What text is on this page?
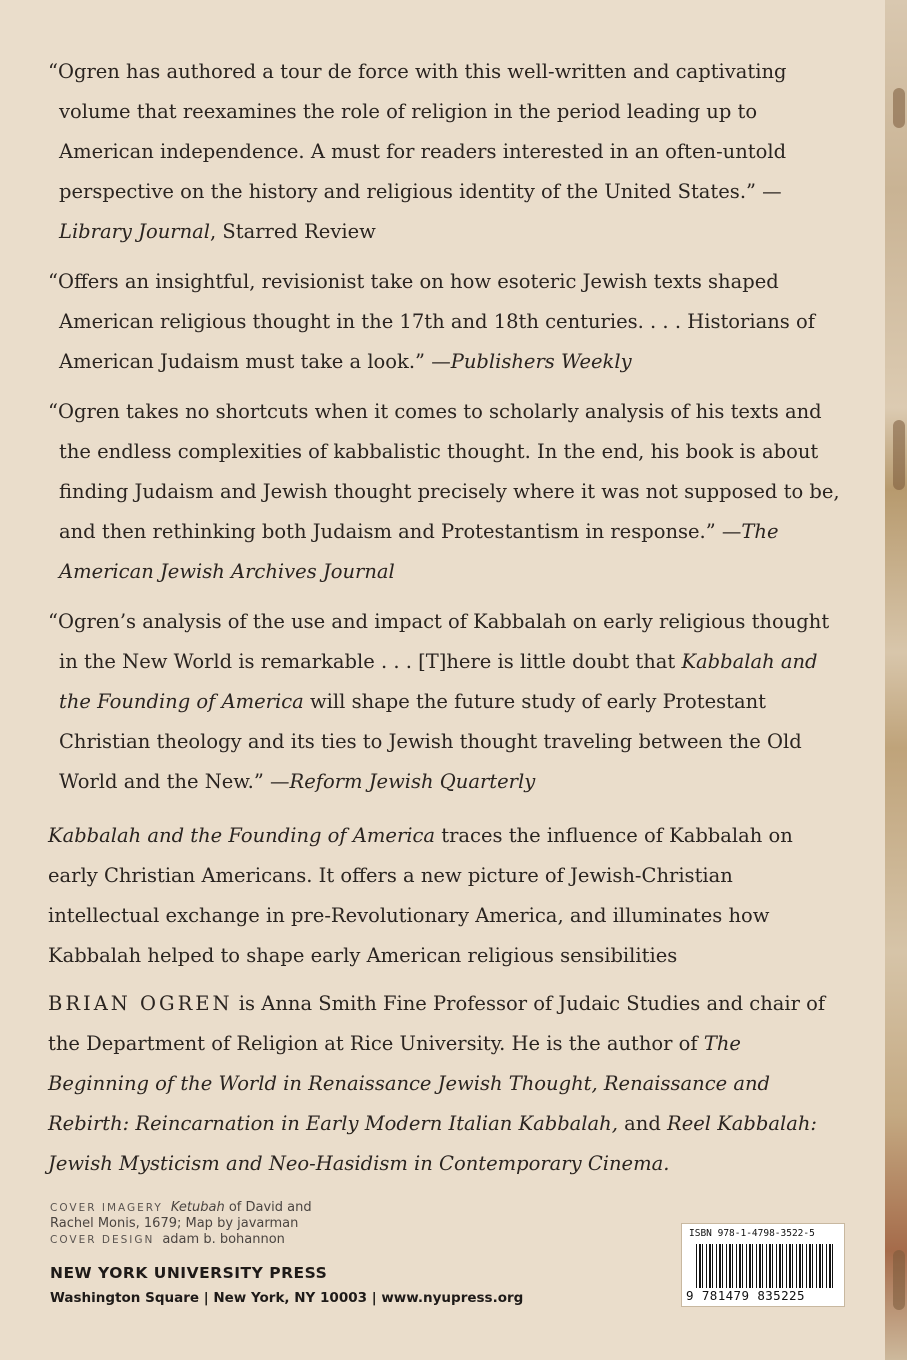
“Ogren has authored a tour de force with this well-written and captivating volume that reexamines the role of religion in the period leading up to American independence. A must for readers interested in an often-untold perspective on the history and religious identity of the United States.” —Library Journal, Starred Review

“Offers an insightful, revisionist take on how esoteric Jewish texts shaped American religious thought in the 17th and 18th centuries. . . . Historians of American Judaism must take a look.” —Publishers Weekly

“Ogren takes no shortcuts when it comes to scholarly analysis of his texts and the endless complexities of kabbalistic thought. In the end, his book is about finding Judaism and Jewish thought precisely where it was not supposed to be, and then rethinking both Judaism and Protestantism in response.” —The American Jewish Archives Journal

“Ogren’s analysis of the use and impact of Kabbalah on early religious thought in the New World is remarkable . . . [T]here is little doubt that Kabbalah and the Founding of America will shape the future study of early Protestant Christian theology and its ties to Jewish thought traveling between the Old World and the New.” —Reform Jewish Quarterly

Kabbalah and the Founding of America traces the influence of Kabbalah on early Christian Americans. It offers a new picture of Jewish-Christian intellectual exchange in pre-Revolutionary America, and illuminates how Kabbalah helped to shape early American religious sensibilities

BRIAN OGREN is Anna Smith Fine Professor of Judaic Studies and chair of the Department of Religion at Rice University. He is the author of The Beginning of the World in Renaissance Jewish Thought, Renaissance and Rebirth: Reincarnation in Early Modern Italian Kabbalah, and Reel Kabbalah: Jewish Mysticism and Neo-Hasidism in Contemporary Cinema.

COVER IMAGERY Ketubah of David and
Rachel Monis, 1679; Map by javarman
COVER DESIGN adam b. bohannon
NEW YORK UNIVERSITY PRESS
Washington Square | New York, NY 10003 | www.nyupress.org
ISBN 978-1-4798-3522-5
9 781479 835225
